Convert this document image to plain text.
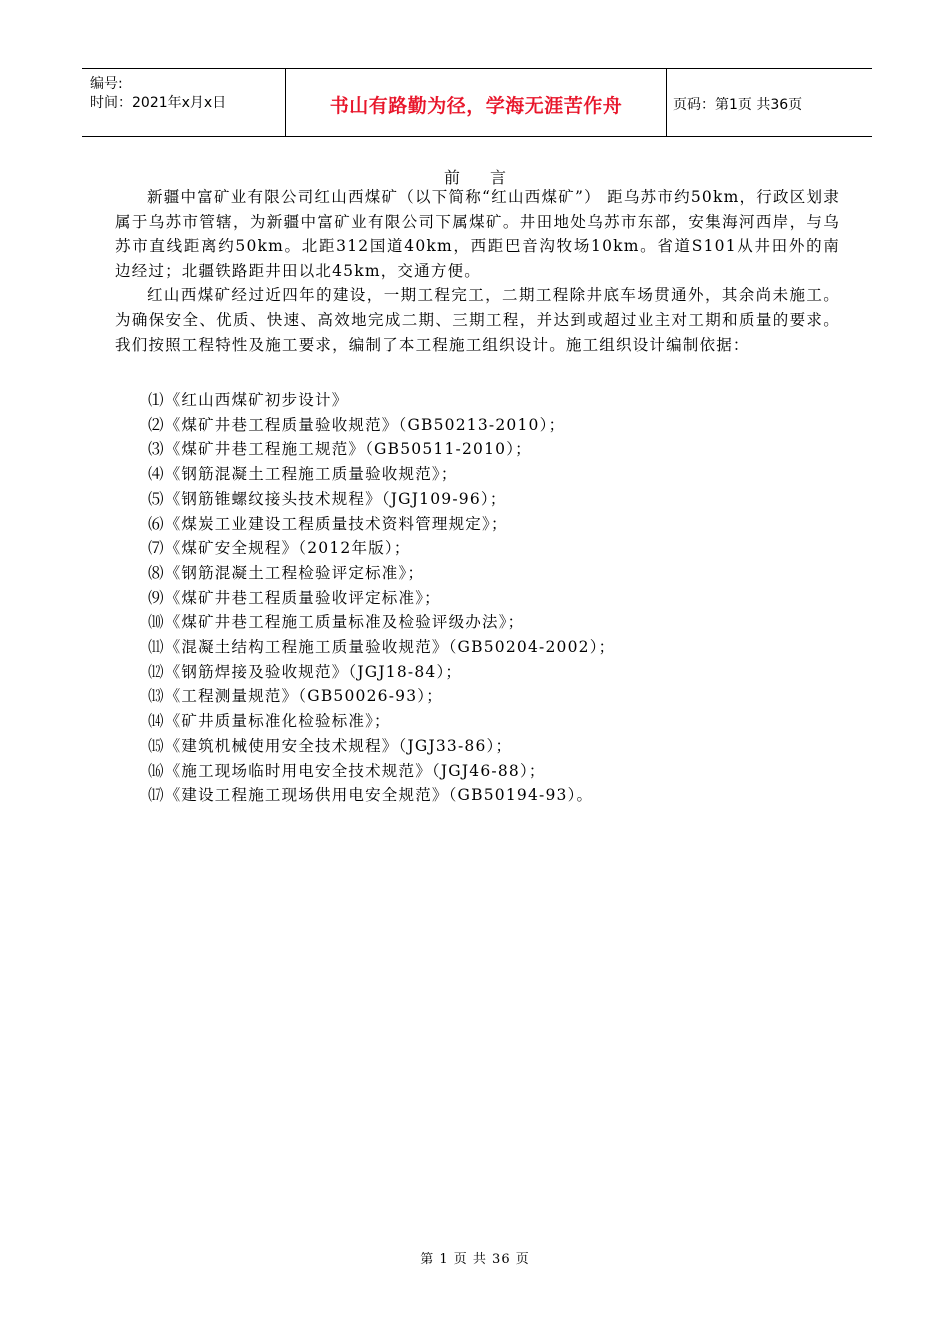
编号:
时间：2021年x月x日	书山有路勤为径，学海无涯苦作舟	页码：第1页 共36页
前言

新疆中富矿业有限公司红山西煤矿（以下简称“红山西煤矿”） 距乌苏市约50km，行政区划隶属于乌苏市管辖，为新疆中富矿业有限公司下属煤矿。井田地处乌苏市东部，安集海河西岸，与乌苏市直线距离约50km。北距312国道40km，西距巴音沟牧场10km。省道S101从井田外的南边经过；北疆铁路距井田以北45km，交通方便。

红山西煤矿经过近四年的建设，一期工程完工，二期工程除井底车场贯通外，其余尚未施工。为确保安全、优质、快速、高效地完成二期、三期工程，并达到或超过业主对工期和质量的要求。我们按照工程特性及施工要求，编制了本工程施工组织设计。施工组织设计编制依据：

⑴《红山西煤矿初步设计》
⑵《煤矿井巷工程质量验收规范》（GB50213-2010）；
⑶《煤矿井巷工程施工规范》（GB50511-2010）；
⑷《钢筋混凝土工程施工质量验收规范》；
⑸《钢筋锥螺纹接头技术规程》（JGJ109-96）；
⑹《煤炭工业建设工程质量技术资料管理规定》；
⑺《煤矿安全规程》（2012年版）；
⑻《钢筋混凝土工程检验评定标准》；
⑼《煤矿井巷工程质量验收评定标准》；
⑽《煤矿井巷工程施工质量标准及检验评级办法》；
⑾《混凝土结构工程施工质量验收规范》（GB50204-2002）；
⑿《钢筋焊接及验收规范》（JGJ18-84）；
⒀《工程测量规范》（GB50026-93）；
⒁《矿井质量标准化检验标准》；
⒂《建筑机械使用安全技术规程》（JGJ33-86）；
⒃《施工现场临时用电安全技术规范》（JGJ46-88）；
⒄《建设工程施工现场供用电安全规范》（GB50194-93）。
第 1 页 共 36 页
